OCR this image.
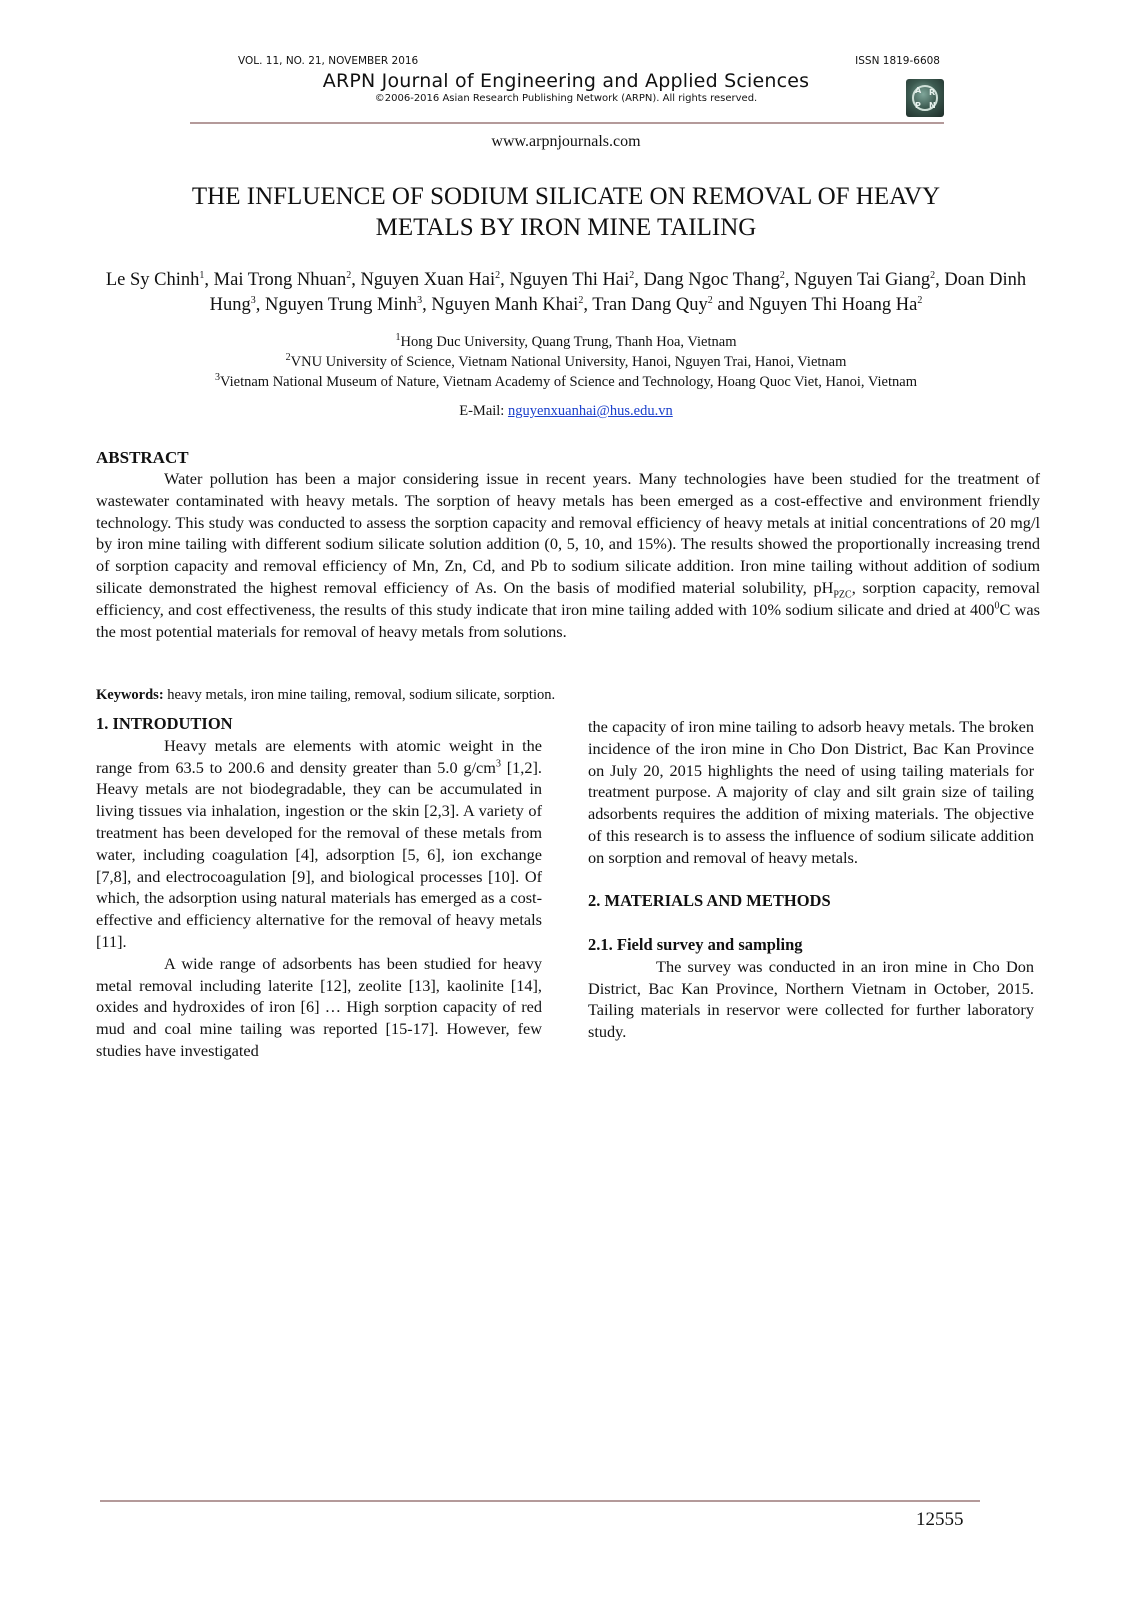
VOL. 11, NO. 21, NOVEMBER 2016	ISSN 1819-6608
ARPN Journal of Engineering and Applied Sciences
©2006-2016 Asian Research Publishing Network (ARPN). All rights reserved.
A R
P N
www.arpnjournals.com
THE INFLUENCE OF SODIUM SILICATE ON REMOVAL OF HEAVY
METALS BY IRON MINE TAILING
Le Sy Chinh$^1$, Mai Trong Nhuan$^2$, Nguyen Xuan Hai$^2$, Nguyen Thi Hai$^2$, Dang Ngoc Thang$^2$, Nguyen Tai Giang$^2$, Doan Dinh Hung$^3$, Nguyen Trung Minh$^3$, Nguyen Manh Khai$^2$, Tran Dang Quy$^2$ and Nguyen Thi Hoang Ha$^2$
$^1$Hong Duc University, Quang Trung, Thanh Hoa, Vietnam
$^2$VNU University of Science, Vietnam National University, Hanoi, Nguyen Trai, Hanoi, Vietnam
$^3$Vietnam National Museum of Nature, Vietnam Academy of Science and Technology, Hoang Quoc Viet, Hanoi, Vietnam
E-Mail: nguyenxuanhai@hus.edu.vn
ABSTRACT
Water pollution has been a major considering issue in recent years. Many technologies have been studied for the treatment of wastewater contaminated with heavy metals. The sorption of heavy metals has been emerged as a cost-effective and environment friendly technology. This study was conducted to assess the sorption capacity and removal efficiency of heavy metals at initial concentrations of 20 mg/l by iron mine tailing with different sodium silicate solution addition (0, 5, 10, and 15%). The results showed the proportionally increasing trend of sorption capacity and removal efficiency of Mn, Zn, Cd, and Pb to sodium silicate addition. Iron mine tailing without addition of sodium silicate demonstrated the highest removal efficiency of As. On the basis of modified material solubility, $pH_{PZC}$, sorption capacity, removal efficiency, and cost effectiveness, the results of this study indicate that iron mine tailing added with 10% sodium silicate and dried at $400^0C$ was the most potential materials for removal of heavy metals from solutions.
Keywords: heavy metals, iron mine tailing, removal, sodium silicate, sorption.
1. INTRODUTION

Heavy metals are elements with atomic weight in the range from 63.5 to 200.6 and density greater than 5.0 $g/cm^3$ [1,2]. Heavy metals are not biodegradable, they can be accumulated in living tissues via inhalation, ingestion or the skin [2,3]. A variety of treatment has been developed for the removal of these metals from water, including coagulation [4], adsorption [5, 6], ion exchange [7,8], and electrocoagulation [9], and biological processes [10]. Of which, the adsorption using natural materials has emerged as a cost-effective and efficiency alternative for the removal of heavy metals [11].

A wide range of adsorbents has been studied for heavy metal removal including laterite [12], zeolite [13], kaolinite [14], oxides and hydroxides of iron [6] … High sorption capacity of red mud and coal mine tailing was reported [15-17]. However, few studies have investigated

the capacity of iron mine tailing to adsorb heavy metals. The broken incidence of the iron mine in Cho Don District, Bac Kan Province on July 20, 2015 highlights the need of using tailing materials for treatment purpose. A majority of clay and silt grain size of tailing adsorbents requires the addition of mixing materials. The objective of this research is to assess the influence of sodium silicate addition on sorption and removal of heavy metals.

2. MATERIALS AND METHODS
2.1. Field survey and sampling

The survey was conducted in an iron mine in Cho Don District, Bac Kan Province, Northern Vietnam in October, 2015. Tailing materials in reservor were collected for further laboratory study.

12555
